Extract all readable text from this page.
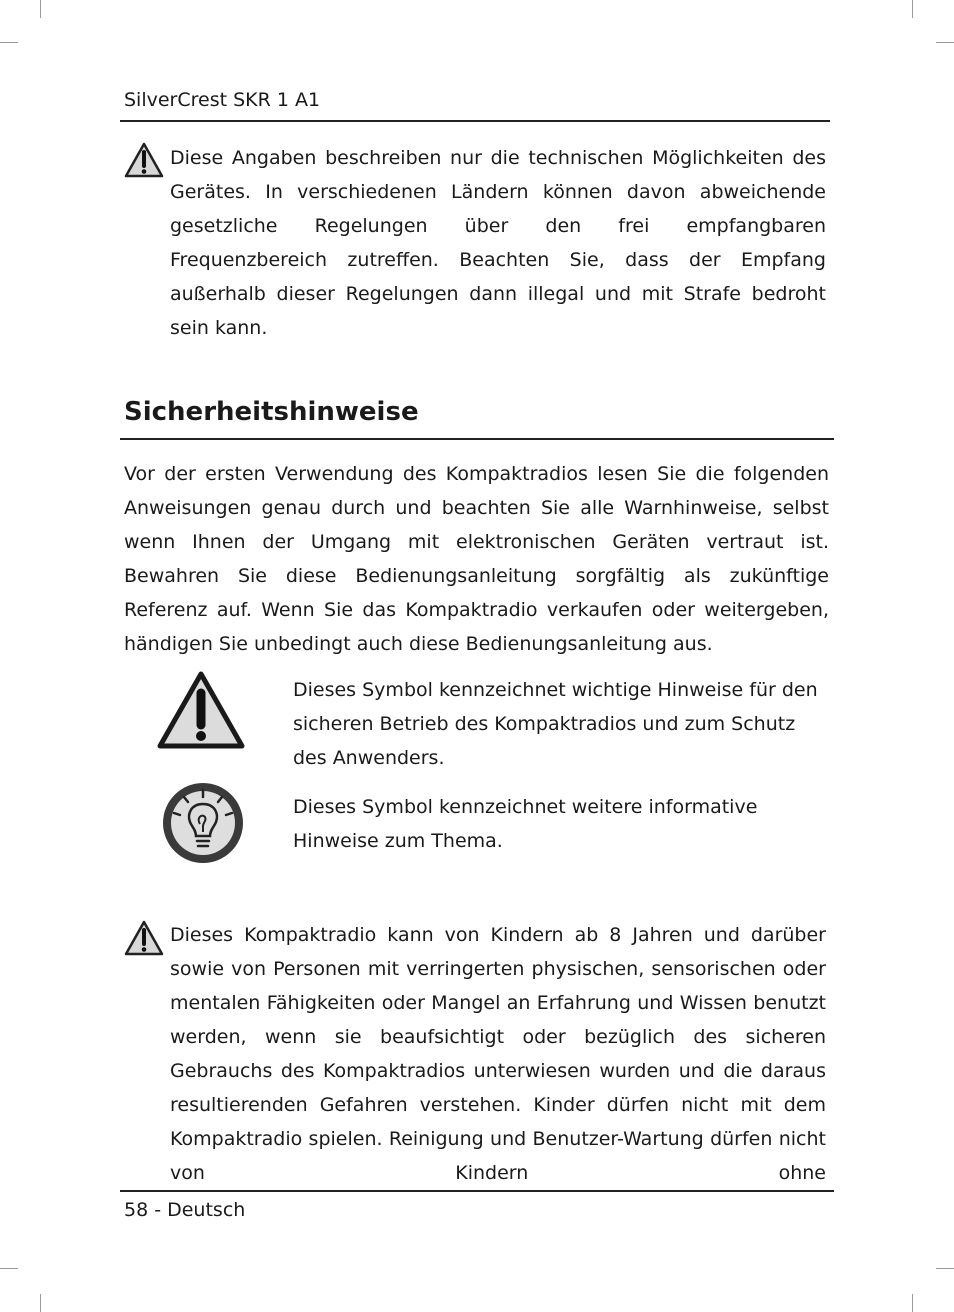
SilverCrest SKR 1 A1
Diese Angaben beschreiben nur die technischen Möglichkeiten des Gerätes. In verschiedenen Ländern können davon abweichende gesetzliche Regelungen über den frei empfangbaren Frequenzbereich zutreffen. Beachten Sie, dass der Empfang außerhalb dieser Regelungen dann illegal und mit Strafe bedroht sein kann.
Sicherheitshinweise
Vor der ersten Verwendung des Kompaktradios lesen Sie die folgenden Anweisungen genau durch und beachten Sie alle Warnhinweise, selbst wenn Ihnen der Umgang mit elektronischen Geräten vertraut ist. Bewahren Sie diese Bedienungsanleitung sorgfältig als zukünftige Referenz auf. Wenn Sie das Kompaktradio verkaufen oder weitergeben, händigen Sie unbedingt auch diese Bedienungsanleitung aus.
Dieses Symbol kennzeichnet wichtige Hinweise für den sicheren Betrieb des Kompaktradios und zum Schutz des Anwenders.
Dieses Symbol kennzeichnet weitere informative Hinweise zum Thema.
Dieses Kompaktradio kann von Kindern ab 8 Jahren und darüber sowie von Personen mit verringerten physischen, sensorischen oder mentalen Fähigkeiten oder Mangel an Erfahrung und Wissen benutzt werden, wenn sie beaufsichtigt oder bezüglich des sicheren Gebrauchs des Kompaktradios unterwiesen wurden und die daraus resultierenden Gefahren verstehen. Kinder dürfen nicht mit dem Kompaktradio spielen. Reinigung und Benutzer-Wartung dürfen nicht von Kindern ohne
58 - Deutsch
